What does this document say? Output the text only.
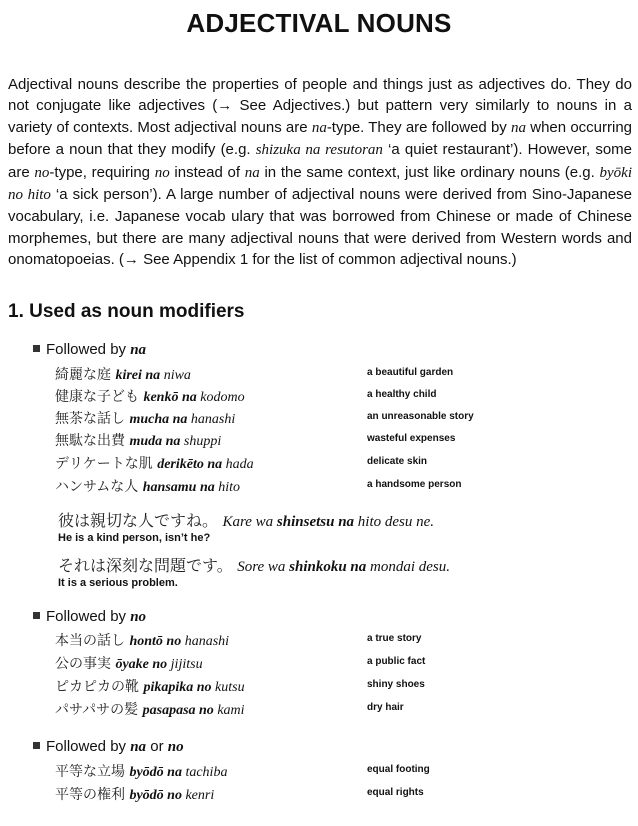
ADJECTIVAL NOUNS
Adjectival nouns describe the properties of people and things just as adjectives do. They do not conjugate like adjectives (→ See Adjectives.) but pattern very similarly to nouns in a variety of contexts. Most adjectival nouns are na-type. They are followed by na when occurring before a noun that they modify (e.g. shizuka na resutoran ‘a quiet restaurant’). However, some are no-type, requiring no instead of na in the same context, just like ordinary nouns (e.g. byōki no hito ‘a sick person’). A large number of adjectival nouns were derived from Sino-Japanese vocabulary, i.e. Japanese vocab ulary that was borrowed from Chinese or made of Chinese morphemes, but there are many adjectival nouns that were derived from Western words and onomatopoeias. (→ See Appendix 1 for the list of common adjectival nouns.)
1. Used as noun modifiers
Followed by na
綺麗な庭 kirei na niwa	a beautiful garden
健康な子ども kenkō na kodomo	a healthy child
無茶な話し mucha na hanashi	an unreasonable story
無駄な出費 muda na shuppi	wasteful expenses
デリケートな肌 derikēto na hada	delicate skin
ハンサムな人 hansamu na hito	a handsome person
彼は親切な人ですね。 Kare wa shinsetsu na hito desu ne.
He is a kind person, isn’t he?
それは深刻な問題です。 Sore wa shinkoku na mondai desu.
It is a serious problem.
Followed by no
本当の話し hontō no hanashi	a true story
公の事実 ōyake no jijitsu	a public fact
ピカピカの靴 pikapika no kutsu	shiny shoes
パサパサの髪 pasapasa no kami	dry hair
Followed by na or no
平等な立場 byōdō na tachiba	equal footing
平等の権利 byōdō no kenri	equal rights
